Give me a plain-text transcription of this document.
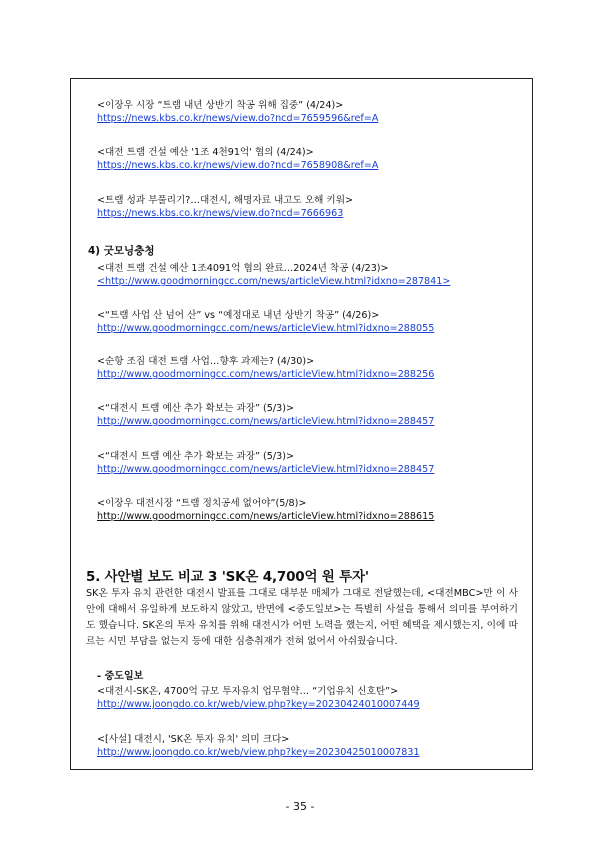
<이장우 시장 “트램 내년 상반기 착공 위해 집중” (4/24)>
https://news.kbs.co.kr/news/view.do?ncd=7659596&ref=A
<대전 트램 건설 예산 '1조 4천91억' 협의 (4/24)>
https://news.kbs.co.kr/news/view.do?ncd=7658908&ref=A
<트램 성과 부풀리기?…대전시, 해명자료 내고도 오해 키워>
https://news.kbs.co.kr/news/view.do?ncd=7666963
4) 굿모닝충청
<대전 트램 건설 예산 1조4091억 협의 완료…2024년 착공 (4/23)>
<http://www.goodmorningcc.com/news/articleView.html?idxno=287841>
<“트램 사업 산 넘어 산” vs “예정대로 내년 상반기 착공” (4/26)>
http://www.goodmorningcc.com/news/articleView.html?idxno=288055
<순항 조짐 대전 트램 사업…향후 과제는? (4/30)>
http://www.goodmorningcc.com/news/articleView.html?idxno=288256
<“대전시 트램 예산 추가 확보는 과장” (5/3)>
http://www.goodmorningcc.com/news/articleView.html?idxno=288457
<“대전시 트램 예산 추가 확보는 과장” (5/3)>
http://www.goodmorningcc.com/news/articleView.html?idxno=288457
<이장우 대전시장 “트램 정치공세 없어야”(5/8)>
http://www.goodmorningcc.com/news/articleView.html?idxno=288615
5. 사안별 보도 비교 3 'SK온 4,700억 원 투자'
SK온 투자 유치 관련한 대전시 발표를 그대로 대부분 매체가 그대로 전달했는데, <대전MBC>만 이 사안에 대해서 유일하게 보도하지 않았고, 반면에 <중도일보>는 특별히 사설을 통해서 의미를 부여하기도 했습니다. SK온의 투자 유치를 위해 대전시가 어떤 노력을 했는지, 어떤 혜택을 제시했는지, 이에 따르는 시민 부담을 없는지 등에 대한 심층취재가 전혀 없어서 아쉬웠습니다.
- 중도일보
<대전시-SK온, 4700억 규모 투자유치 업무협약… “기업유치 신호탄”>
http://www.joongdo.co.kr/web/view.php?key=20230424010007449
<[사설] 대전시, 'SK온 투자 유치' 의미 크다>
http://www.joongdo.co.kr/web/view.php?key=20230425010007831
- 35 -
